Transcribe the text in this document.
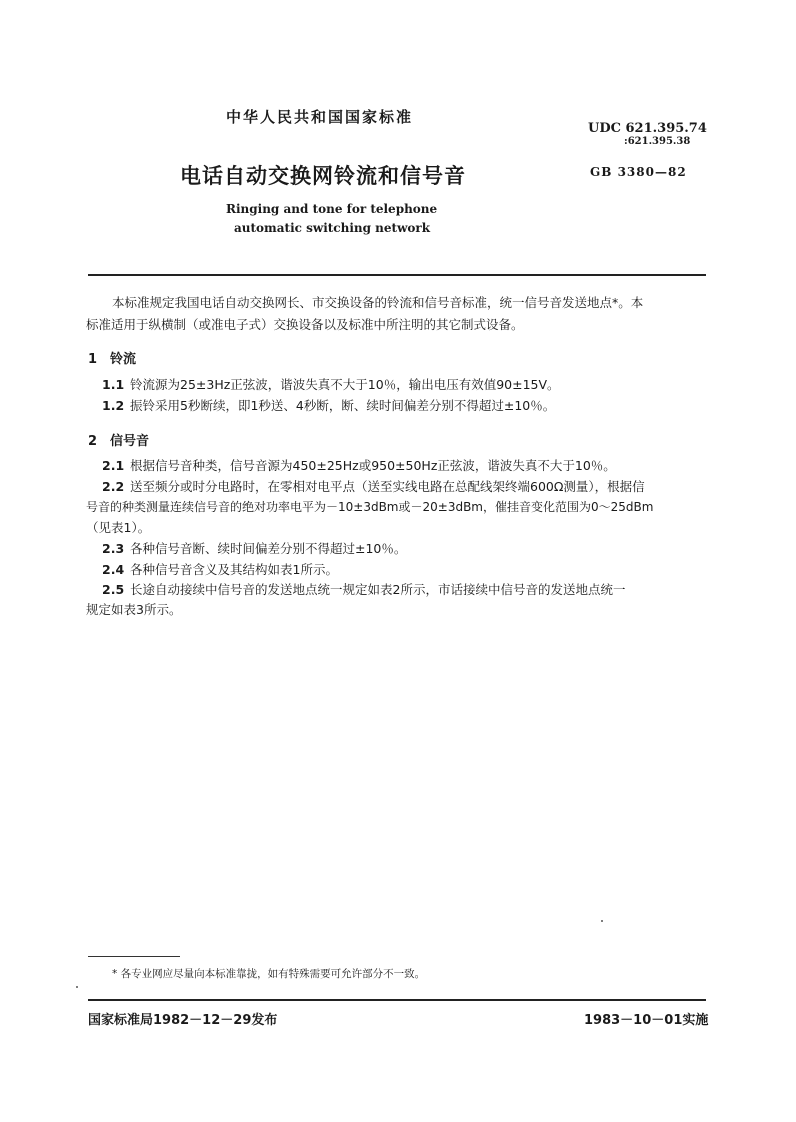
中华人民共和国国家标准
UDC 621.395.74
:621.395.38
电话自动交换网铃流和信号音	GB 3380—82
Ringing and tone for telephone
automatic switching network
本标准规定我国电话自动交换网长、市交换设备的铃流和信号音标准，统一信号音发送地点*。本
标准适用于纵横制（或准电子式）交换设备以及标准中所注明的其它制式设备。
1 铃流
1.1 铃流源为25±3Hz正弦波，谐波失真不大于10％，输出电压有效值90±15V。
1.2 振铃采用5秒断续，即1秒送、4秒断，断、续时间偏差分别不得超过±10％。
2 信号音
2.1 根据信号音种类，信号音源为450±25Hz或950±50Hz正弦波，谐波失真不大于10％。
2.2 送至频分或时分电路时，在零相对电平点（送至实线电路在总配线架终端600Ω测量），根据信
号音的种类测量连续信号音的绝对功率电平为－10±3dBm或－20±3dBm，催挂音变化范围为0～25dBm
（见表1）。
2.3 各种信号音断、续时间偏差分别不得超过±10％。
2.4 各种信号音含义及其结构如表1所示。
2.5 长途自动接续中信号音的发送地点统一规定如表2所示，市话接续中信号音的发送地点统一
规定如表3所示。
* 各专业网应尽量向本标准靠拢，如有特殊需要可允许部分不一致。
国家标准局1982－12－29发布	1983－10－01实施
